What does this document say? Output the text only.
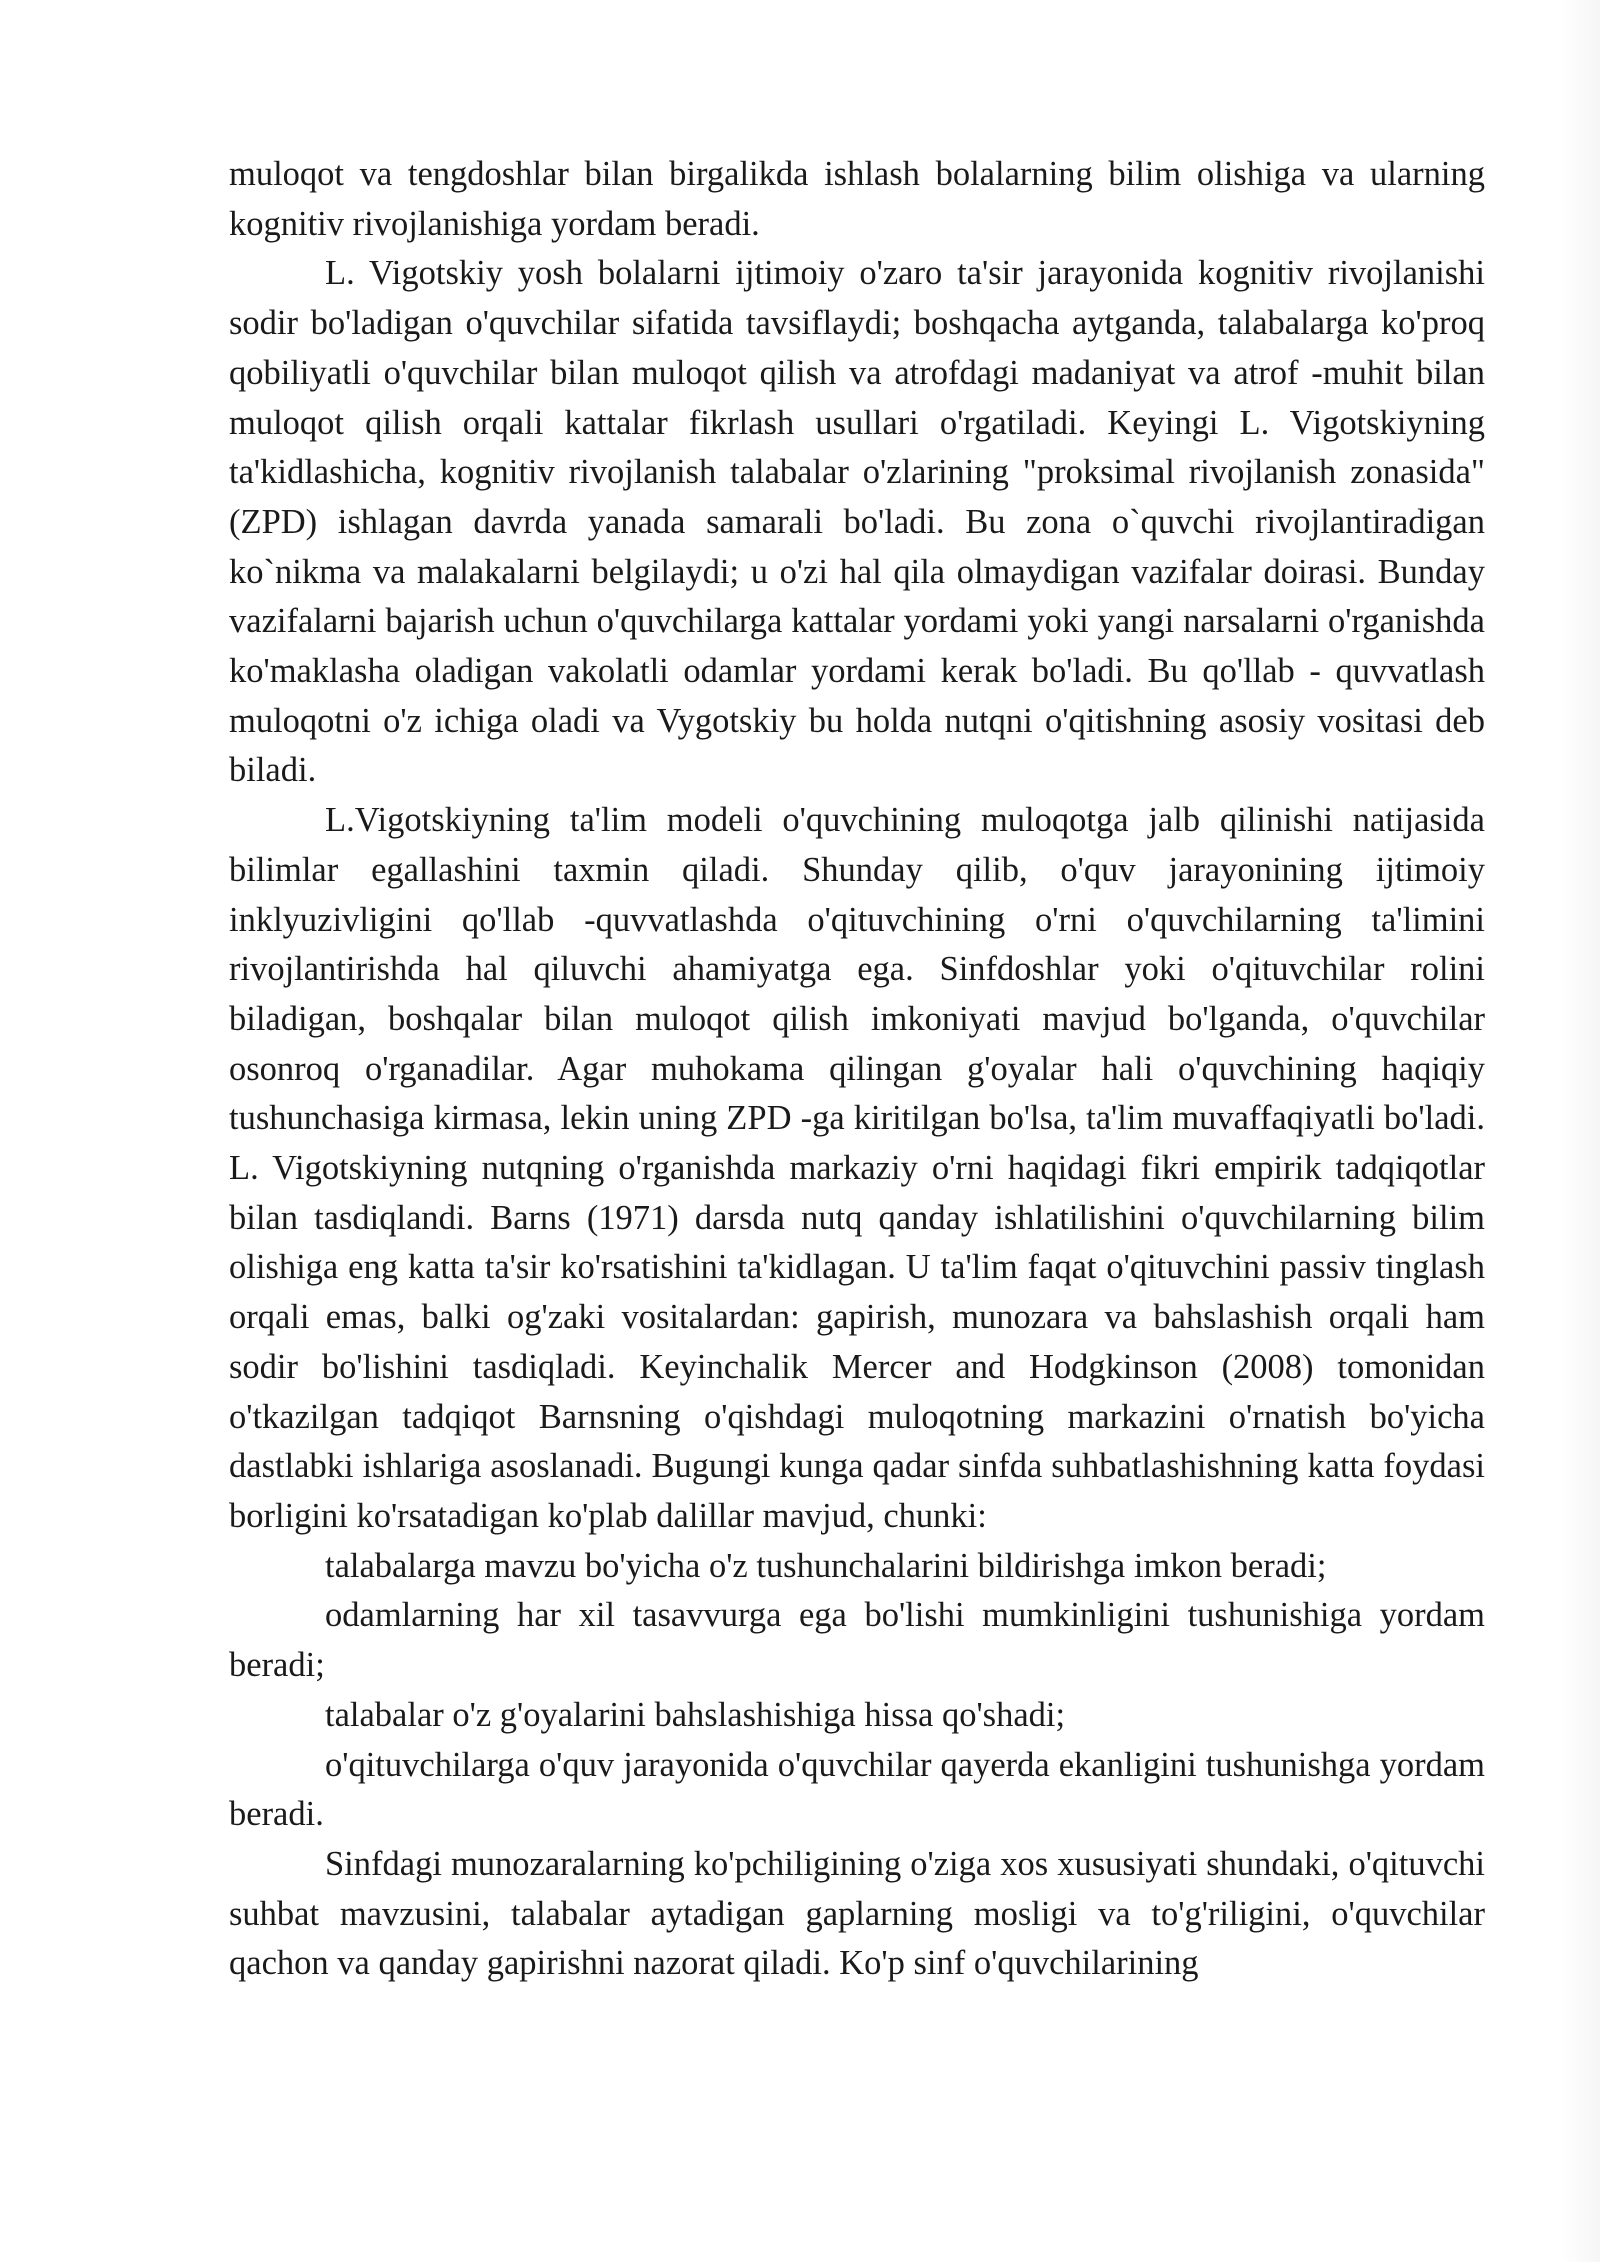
muloqot va tengdoshlar bilan birgalikda ishlash bolalarning bilim olishiga va ularning kognitiv rivojlanishiga yordam beradi.

L. Vigotskiy yosh bolalarni ijtimoiy o'zaro ta'sir jarayonida kognitiv rivojlanishi sodir bo'ladigan o'quvchilar sifatida tavsiflaydi; boshqacha aytganda, talabalarga ko'proq qobiliyatli o'quvchilar bilan muloqot qilish va atrofdagi madaniyat va atrof -muhit bilan muloqot qilish orqali kattalar fikrlash usullari o'rgatiladi. Keyingi L. Vigotskiyning ta'kidlashicha, kognitiv rivojlanish talabalar o'zlarining "proksimal rivojlanish zonasida" (ZPD) ishlagan davrda yanada samarali bo'ladi. Bu zona o`quvchi rivojlantiradigan ko`nikma va malakalarni belgilaydi; u o'zi hal qila olmaydigan vazifalar doirasi. Bunday vazifalarni bajarish uchun o'quvchilarga kattalar yordami yoki yangi narsalarni o'rganishda ko'maklasha oladigan vakolatli odamlar yordami kerak bo'ladi. Bu qo'llab - quvvatlash muloqotni o'z ichiga oladi va Vygotskiy bu holda nutqni o'qitishning asosiy vositasi deb biladi.

L.Vigotskiyning ta'lim modeli o'quvchining muloqotga jalb qilinishi natijasida bilimlar egallashini taxmin qiladi. Shunday qilib, o'quv jarayonining ijtimoiy inklyuzivligini qo'llab -quvvatlashda o'qituvchining o'rni o'quvchilarning ta'limini rivojlantirishda hal qiluvchi ahamiyatga ega. Sinfdoshlar yoki o'qituvchilar rolini biladigan, boshqalar bilan muloqot qilish imkoniyati mavjud bo'lganda, o'quvchilar osonroq o'rganadilar. Agar muhokama qilingan g'oyalar hali o'quvchining haqiqiy tushunchasiga kirmasa, lekin uning ZPD -ga kiritilgan bo'lsa, ta'lim muvaffaqiyatli bo'ladi. L. Vigotskiyning nutqning o'rganishda markaziy o'rni haqidagi fikri empirik tadqiqotlar bilan tasdiqlandi. Barns (1971) darsda nutq qanday ishlatilishini o'quvchilarning bilim olishiga eng katta ta'sir ko'rsatishini ta'kidlagan. U ta'lim faqat o'qituvchini passiv tinglash orqali emas, balki og'zaki vositalardan: gapirish, munozara va bahslashish orqali ham sodir bo'lishini tasdiqladi. Keyinchalik Mercer and Hodgkinson (2008) tomonidan o'tkazilgan tadqiqot Barnsning o'qishdagi muloqotning markazini o'rnatish bo'yicha dastlabki ishlariga asoslanadi. Bugungi kunga qadar sinfda suhbatlashishning katta foydasi borligini ko'rsatadigan ko'plab dalillar mavjud, chunki:

talabalarga mavzu bo'yicha o'z tushunchalarini bildirishga imkon beradi;

odamlarning har xil tasavvurga ega bo'lishi mumkinligini tushunishiga yordam beradi;

talabalar o'z g'oyalarini bahslashishiga hissa qo'shadi;

o'qituvchilarga o'quv jarayonida o'quvchilar qayerda ekanligini tushunishga yordam beradi.

Sinfdagi munozaralarning ko'pchiligining o'ziga xos xususiyati shundaki, o'qituvchi suhbat mavzusini, talabalar aytadigan gaplarning mosligi va to'g'riligini, o'quvchilar qachon va qanday gapirishni nazorat qiladi. Ko'p sinf o'quvchilarining
